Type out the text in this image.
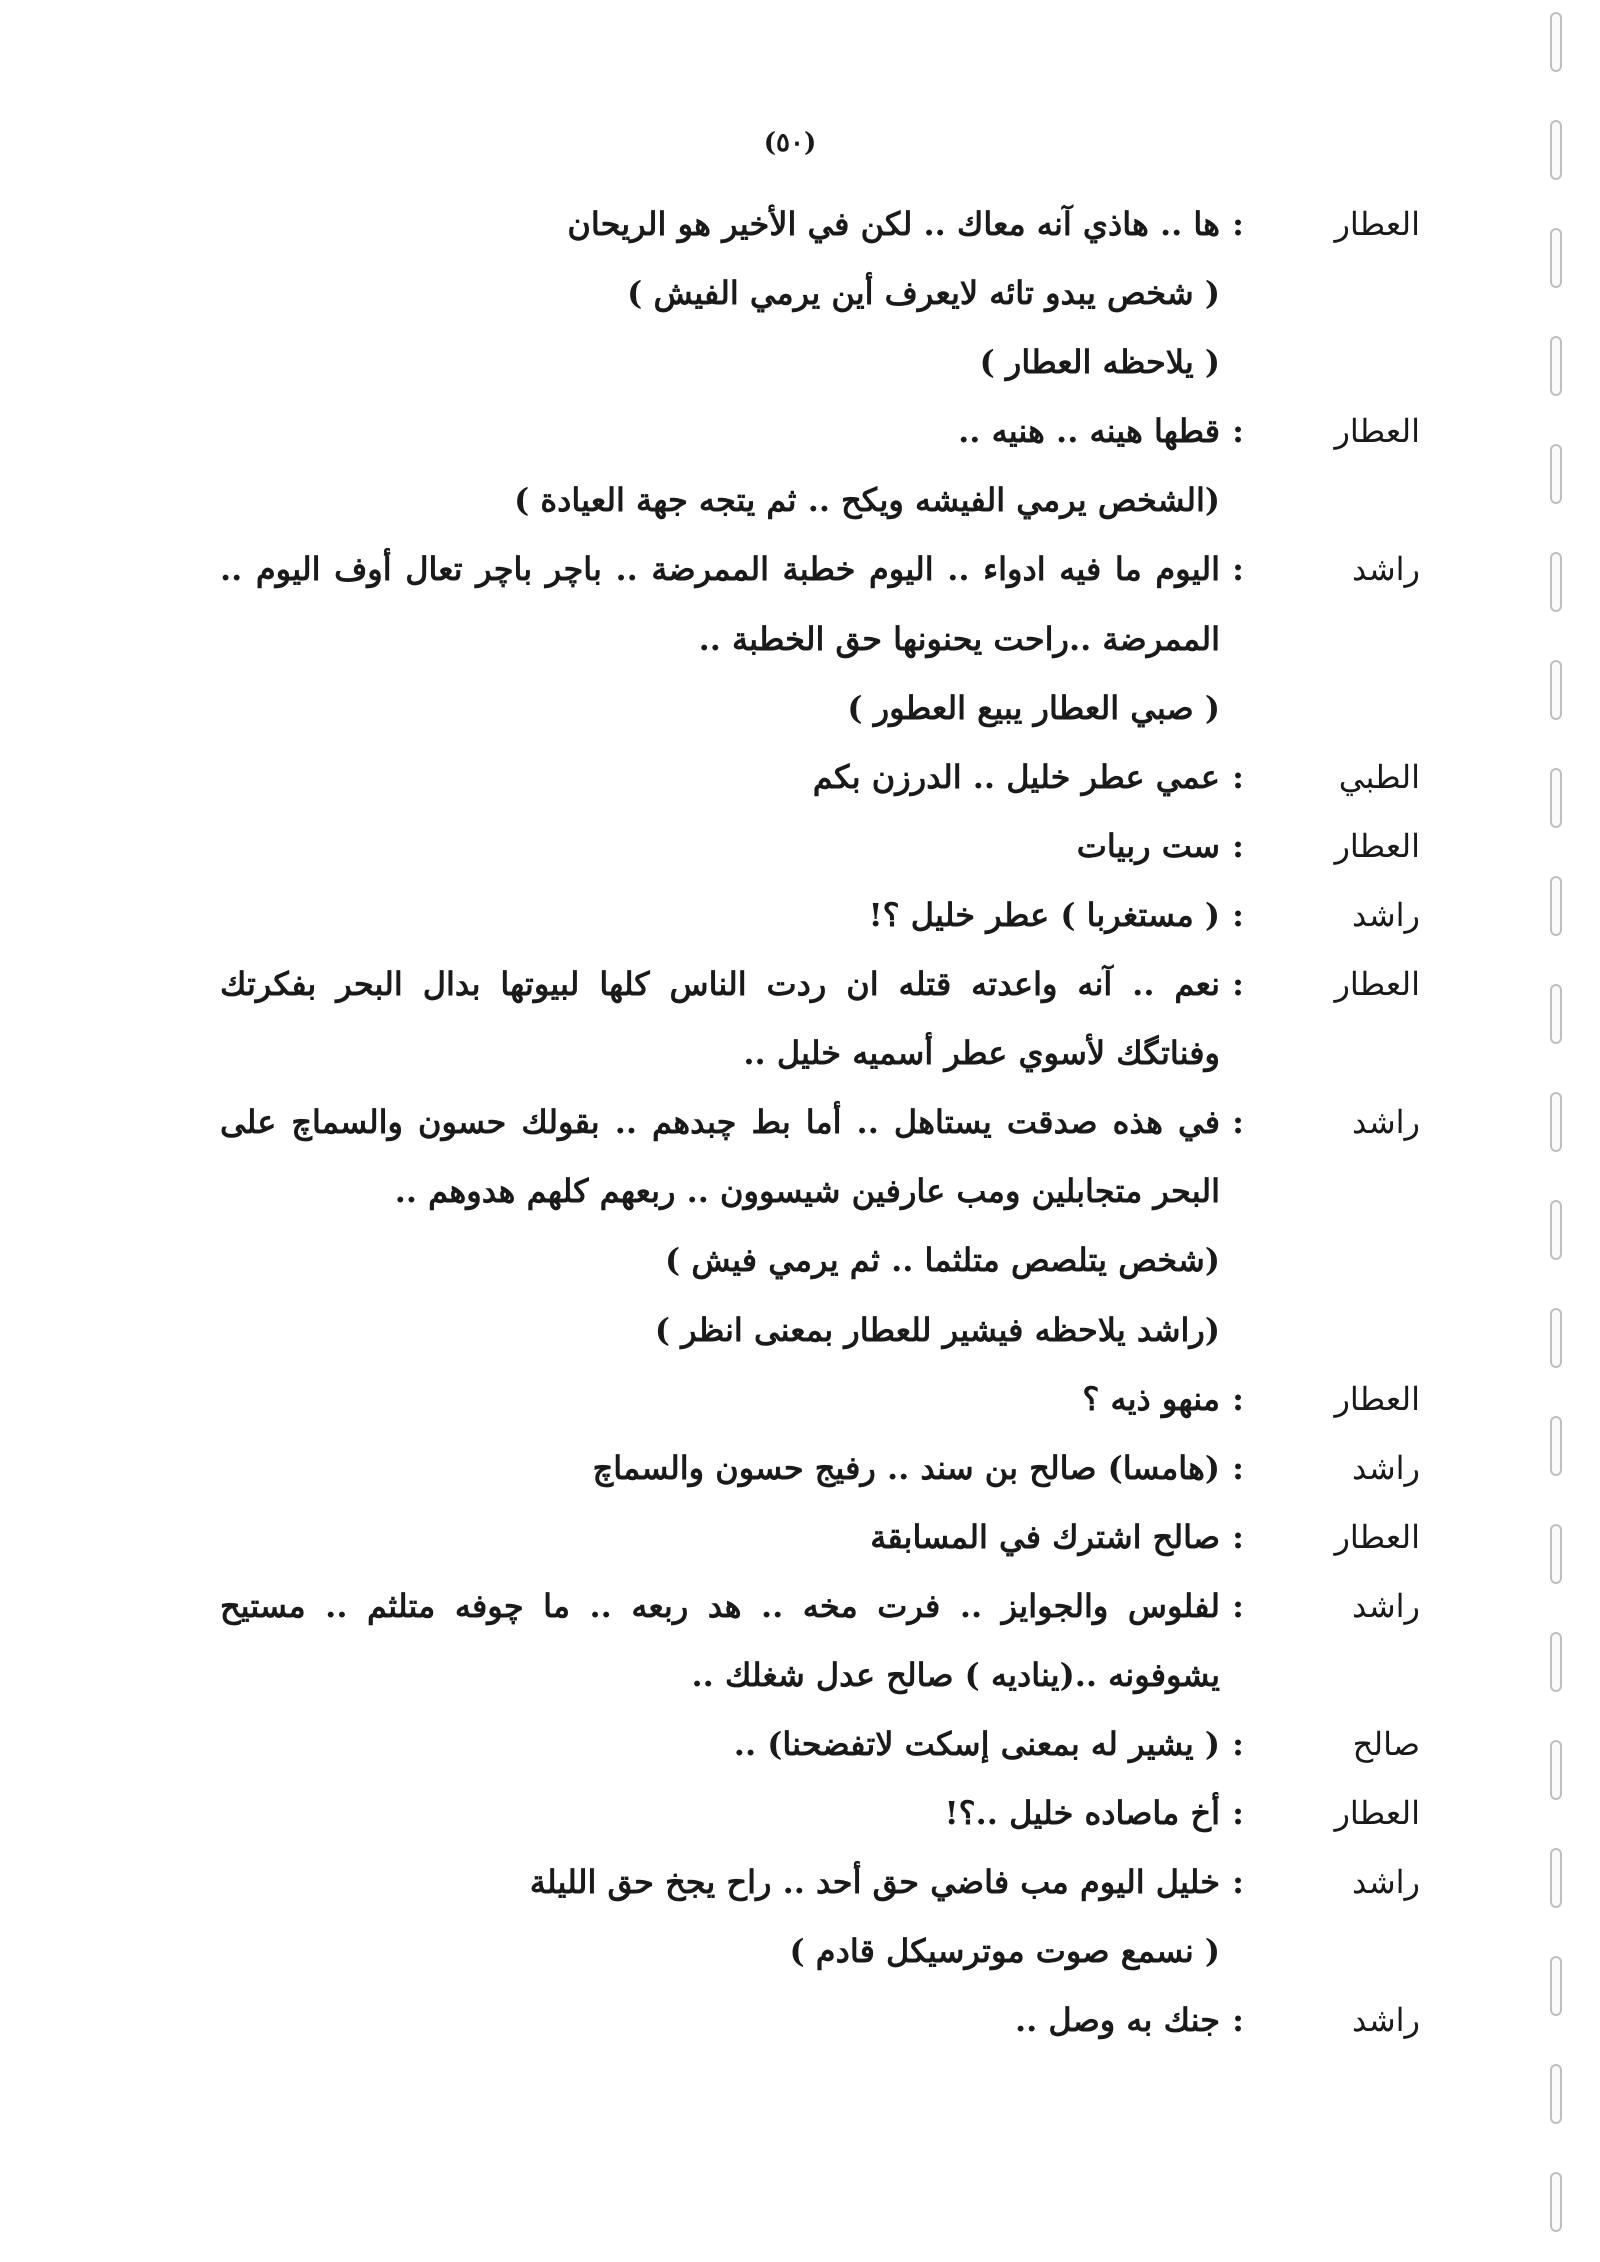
(٥٠)
العطار
:
ها .. هاذي آنه معاك .. لكن في الأخير هو الريحان
( شخص يبدو تائه لايعرف أين يرمي الفيش )
( يلاحظه العطار )
العطار
:
قطها هينه .. هنيه ..
(الشخص يرمي الفيشه ويكح .. ثم يتجه جهة العيادة )
راشد
:
اليوم ما فيه ادواء .. اليوم خطبة الممرضة .. باچر باچر تعال أوف اليوم ..
الممرضة ..راحت يحنونها حق الخطبة ..
( صبي العطار يبيع العطور )
الطبي
:
عمي عطر خليل .. الدرزن بكم
العطار
:
ست ربيات
راشد
:
( مستغربا ) عطر خليل ؟!
العطار
:
نعم .. آنه واعدته قتله ان ردت الناس كلها لبيوتها بدال البحر بفكرتك
وفناتگك لأسوي عطر أسميه خليل ..
راشد
:
في هذه صدقت يستاهل .. أما بط چبدهم .. بقولك حسون والسماچ على
البحر متجابلين ومب عارفين شيسوون .. ربعهم كلهم هدوهم ..
(شخص يتلصص متلثما .. ثم يرمي فيش )
(راشد يلاحظه فيشير للعطار بمعنى انظر )
العطار
:
منهو ذيه ؟
راشد
:
(هامسا) صالح بن سند .. رفيج حسون والسماچ
العطار
:
صالح اشترك في المسابقة
راشد
:
لفلوس والجوايز .. فرت مخه .. هد ربعه .. ما چوفه متلثم .. مستيح
يشوفونه ..(يناديه ) صالح عدل شغلك ..
صالح
:
( يشير له بمعنى إسكت لاتفضحنا) ..
العطار
:
أخ ماصاده خليل ..؟!
راشد
:
خليل اليوم مب فاضي حق أحد .. راح يجخ حق الليلة
( نسمع صوت موترسيكل قادم )
راشد
:
جنك به وصل ..
